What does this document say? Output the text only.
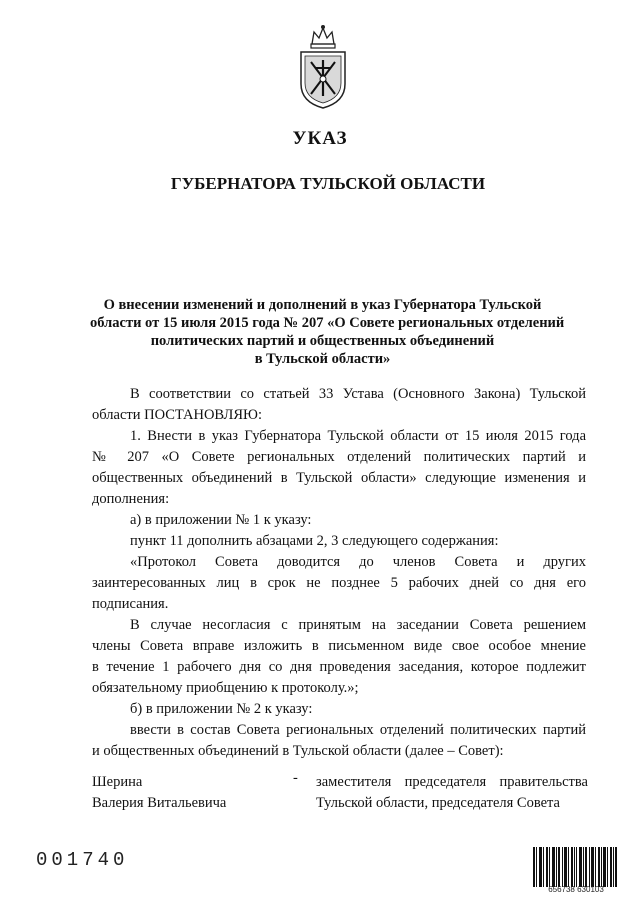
УКАЗ
ГУБЕРНАТОРА ТУЛЬСКОЙ ОБЛАСТИ
О внесении изменений и дополнений в указ Губернатора Тульской
области от 15 июля 2015 года № 207 «О Совете региональных отделений
политических партий и общественных объединений
в Тульской области»
В соответствии со статьей 33 Устава (Основного Закона) Тульской
области ПОСТАНОВЛЯЮ:
1. Внести в указ Губернатора Тульской области от 15 июля 2015 года
№ 207 «О Совете региональных отделений политических партий и
общественных объединений в Тульской области» следующие изменения и
дополнения:
а) в приложении № 1 к указу:
пункт 11 дополнить абзацами 2, 3 следующего содержания:
«Протокол Совета доводится до членов Совета и других
заинтересованных лиц в срок не позднее 5 рабочих дней со дня его
подписания.
В случае несогласия с принятым на заседании Совета решением
члены Совета вправе изложить в письменном виде свое особое мнение
в течение 1 рабочего дня со дня проведения заседания, которое подлежит
обязательному приобщению к протоколу.»;
б) в приложении № 2 к указу:
ввести в состав Совета региональных отделений политических партий
и общественных объединений в Тульской области (далее – Совет):
Шерина
Валерия Витальевича
- заместителя председателя правительства
Тульской области, председателя Совета
001740
656738 630103
